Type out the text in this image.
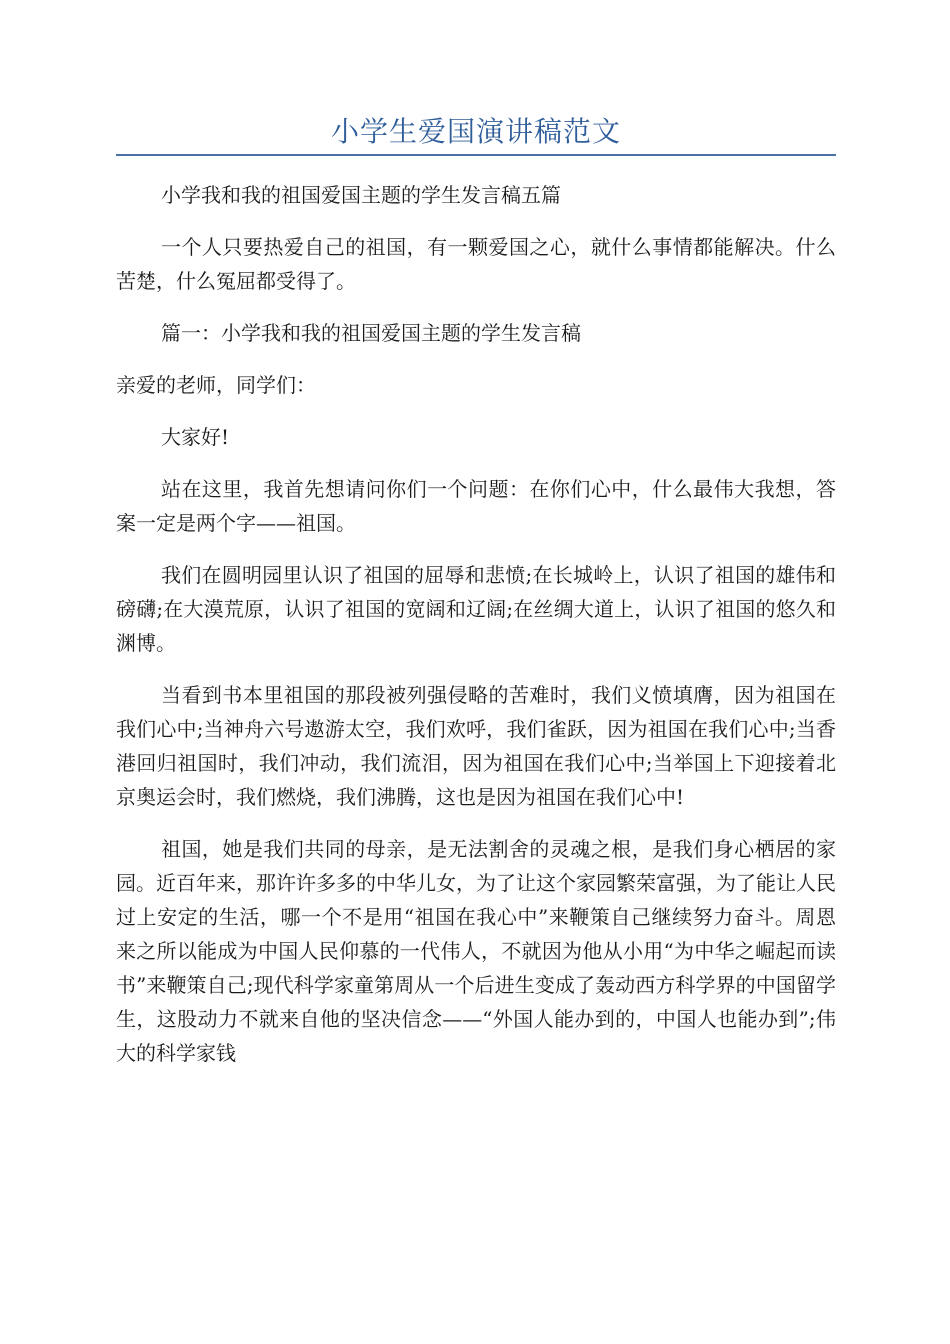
小学生爱国演讲稿范文

小学我和我的祖国爱国主题的学生发言稿五篇

一个人只要热爱自己的祖国，有一颗爱国之心，就什么事情都能解决。什么苦楚，什么冤屈都受得了。

篇一：小学我和我的祖国爱国主题的学生发言稿

亲爱的老师，同学们：

大家好!

站在这里，我首先想请问你们一个问题：在你们心中，什么最伟大我想，答案一定是两个字——祖国。

我们在圆明园里认识了祖国的屈辱和悲愤;在长城岭上，认识了祖国的雄伟和磅礴;在大漠荒原，认识了祖国的宽阔和辽阔;在丝绸大道上，认识了祖国的悠久和渊博。

当看到书本里祖国的那段被列强侵略的苦难时，我们义愤填膺，因为祖国在我们心中;当神舟六号遨游太空，我们欢呼，我们雀跃，因为祖国在我们心中;当香港回归祖国时，我们冲动，我们流泪，因为祖国在我们心中;当举国上下迎接着北京奥运会时，我们燃烧，我们沸腾，这也是因为祖国在我们心中!

祖国，她是我们共同的母亲，是无法割舍的灵魂之根，是我们身心栖居的家园。近百年来，那许许多多的中华儿女，为了让这个家园繁荣富强，为了能让人民过上安定的生活，哪一个不是用“祖国在我心中”来鞭策自己继续努力奋斗。周恩来之所以能成为中国人民仰慕的一代伟人，不就因为他从小用“为中华之崛起而读书”来鞭策自己;现代科学家童第周从一个后进生变成了轰动西方科学界的中国留学生，这股动力不就来自他的坚决信念——“外国人能办到的，中国人也能办到”;伟大的科学家钱
